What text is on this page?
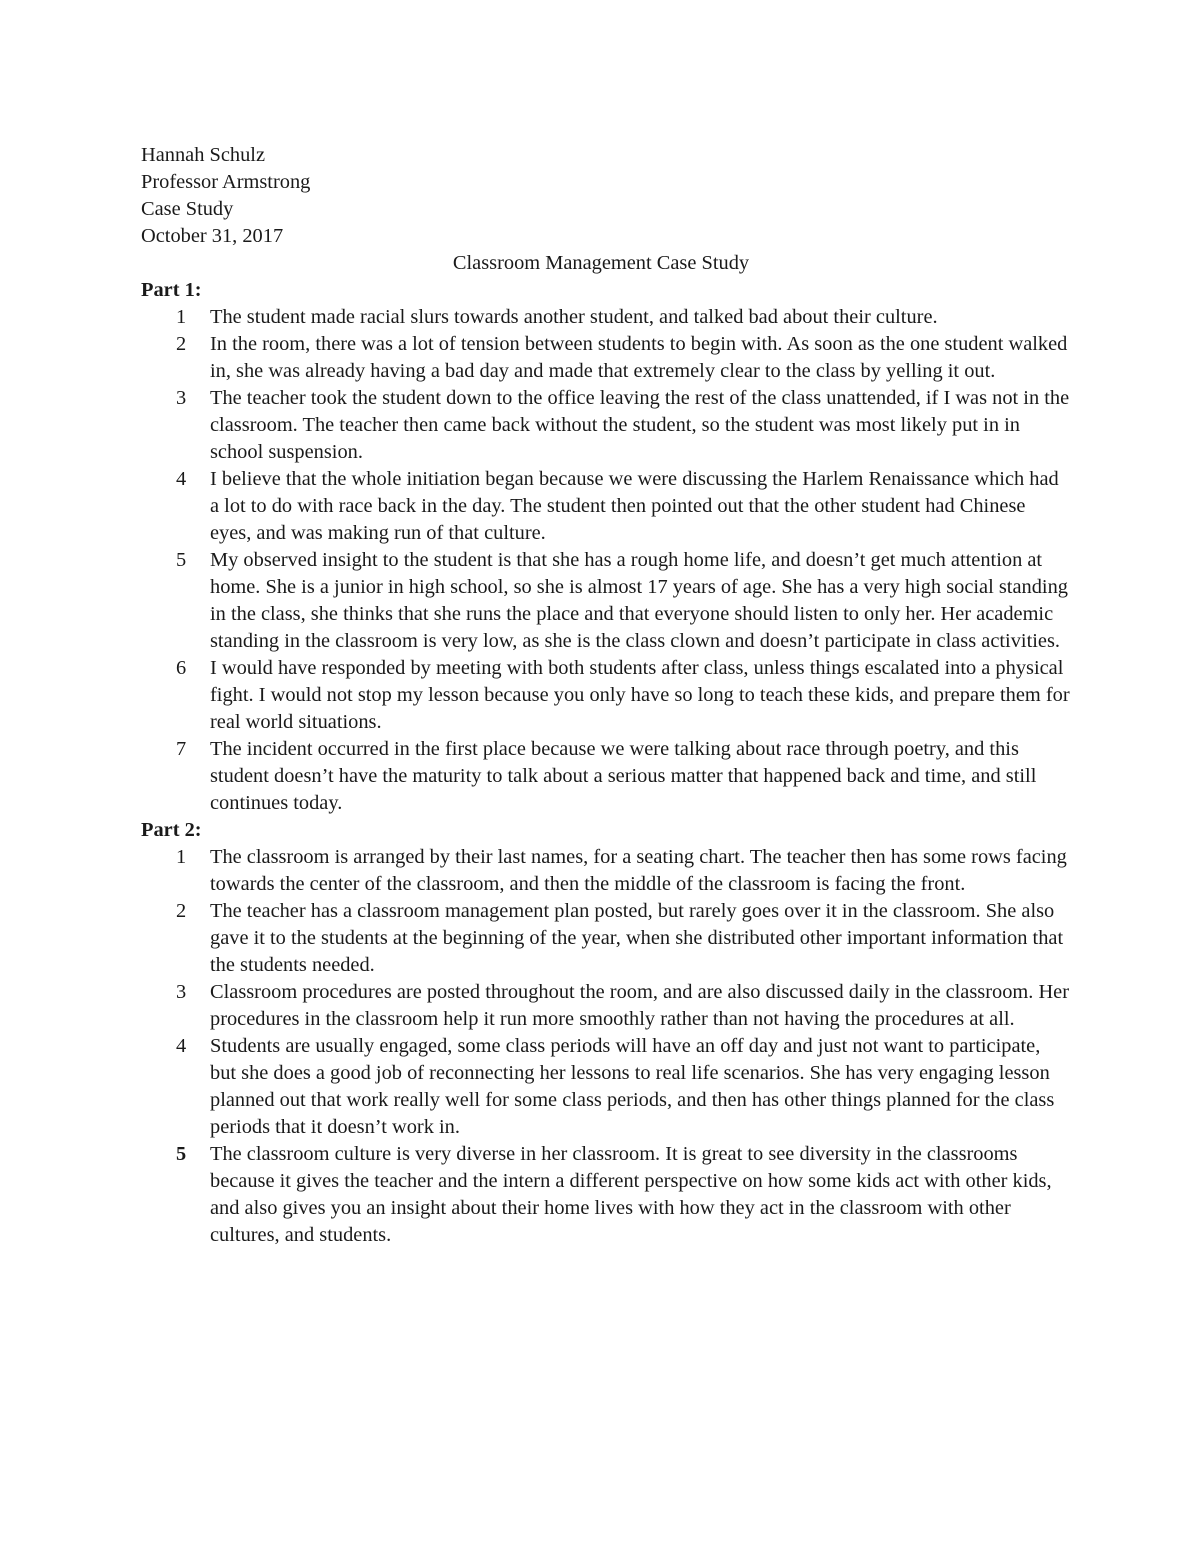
Hannah Schulz
Professor Armstrong
Case Study
October 31, 2017
Classroom Management Case Study
Part 1:
1	The student made racial slurs towards another student, and talked bad about their culture.
2	In the room, there was a lot of tension between students to begin with. As soon as the one student walked in, she was already having a bad day and made that extremely clear to the class by yelling it out.
3	The teacher took the student down to the office leaving the rest of the class unattended, if I was not in the classroom. The teacher then came back without the student, so the student was most likely put in in school suspension.
4	I believe that the whole initiation began because we were discussing the Harlem Renaissance which had a lot to do with race back in the day. The student then pointed out that the other student had Chinese eyes, and was making run of that culture.
5	My observed insight to the student is that she has a rough home life, and doesn’t get much attention at home. She is a junior in high school, so she is almost 17 years of age. She has a very high social standing in the class, she thinks that she runs the place and that everyone should listen to only her. Her academic standing in the classroom is very low, as she is the class clown and doesn’t participate in class activities.
6	I would have responded by meeting with both students after class, unless things escalated into a physical fight. I would not stop my lesson because you only have so long to teach these kids, and prepare them for real world situations.
7	The incident occurred in the first place because we were talking about race through poetry, and this student doesn’t have the maturity to talk about a serious matter that happened back and time, and still continues today.
Part 2:
1	The classroom is arranged by their last names, for a seating chart. The teacher then has some rows facing towards the center of the classroom, and then the middle of the classroom is facing the front.
2	The teacher has a classroom management plan posted, but rarely goes over it in the classroom. She also gave it to the students at the beginning of the year, when she distributed other important information that the students needed.
3	Classroom procedures are posted throughout the room, and are also discussed daily in the classroom. Her procedures in the classroom help it run more smoothly rather than not having the procedures at all.
4	Students are usually engaged, some class periods will have an off day and just not want to participate, but she does a good job of reconnecting her lessons to real life scenarios. She has very engaging lesson planned out that work really well for some class periods, and then has other things planned for the class periods that it doesn’t work in.
5	The classroom culture is very diverse in her classroom. It is great to see diversity in the classrooms because it gives the teacher and the intern a different perspective on how some kids act with other kids, and also gives you an insight about their home lives with how they act in the classroom with other cultures, and students.
